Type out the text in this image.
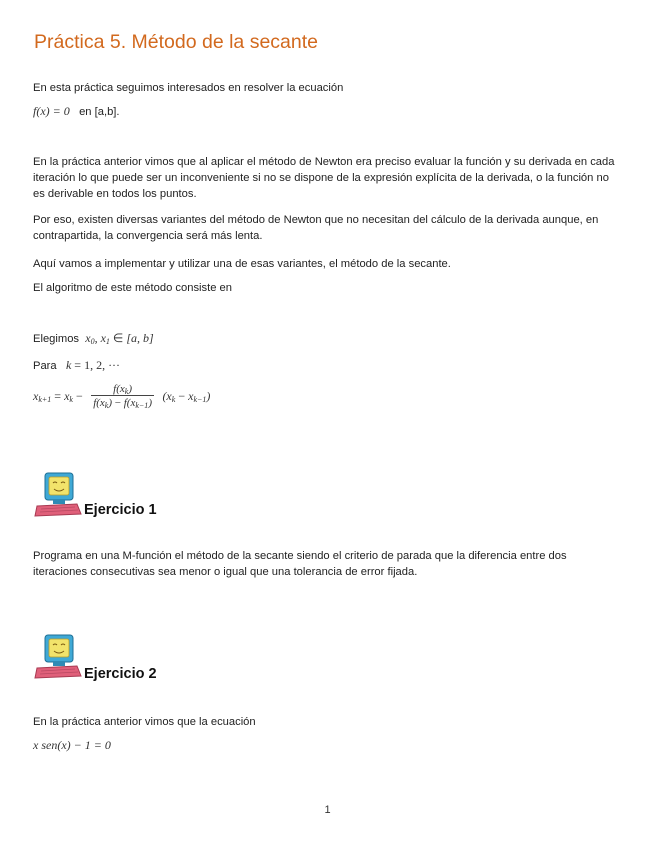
Práctica 5. Método de la secante
En esta práctica seguimos interesados en resolver la ecuación
f(x) = 0 en [a,b].
En la práctica anterior vimos que al aplicar el método de Newton era preciso evaluar la función y su derivada en cada iteración lo que puede ser un inconveniente si no se dispone de la expresión explícita de la derivada, o la función no es derivable en todos los puntos.
Por eso, existen diversas variantes del método de Newton que no necesitan del cálculo de la derivada aunque, en contrapartida, la convergencia será más lenta.
Aquí vamos a implementar y utilizar una de esas variantes, el método de la secante.
El algoritmo de este método consiste en
Elegimos $x_0$, $x_1$ ∈ [a, b]
Para k = 1, 2, ···
$x_{k+1} = x_k - \frac{f(x_k)}{f(x_k) - f(x_{k-1})} (x_k - x_{k-1})$
Ejercicio 1
Programa en una M-función el método de la secante siendo el criterio de parada que la diferencia entre dos iteraciones consecutivas sea menor o igual que una tolerancia de error fijada.
Ejercicio 2
En la práctica anterior vimos que la ecuación
x sen(x) − 1 = 0
1
